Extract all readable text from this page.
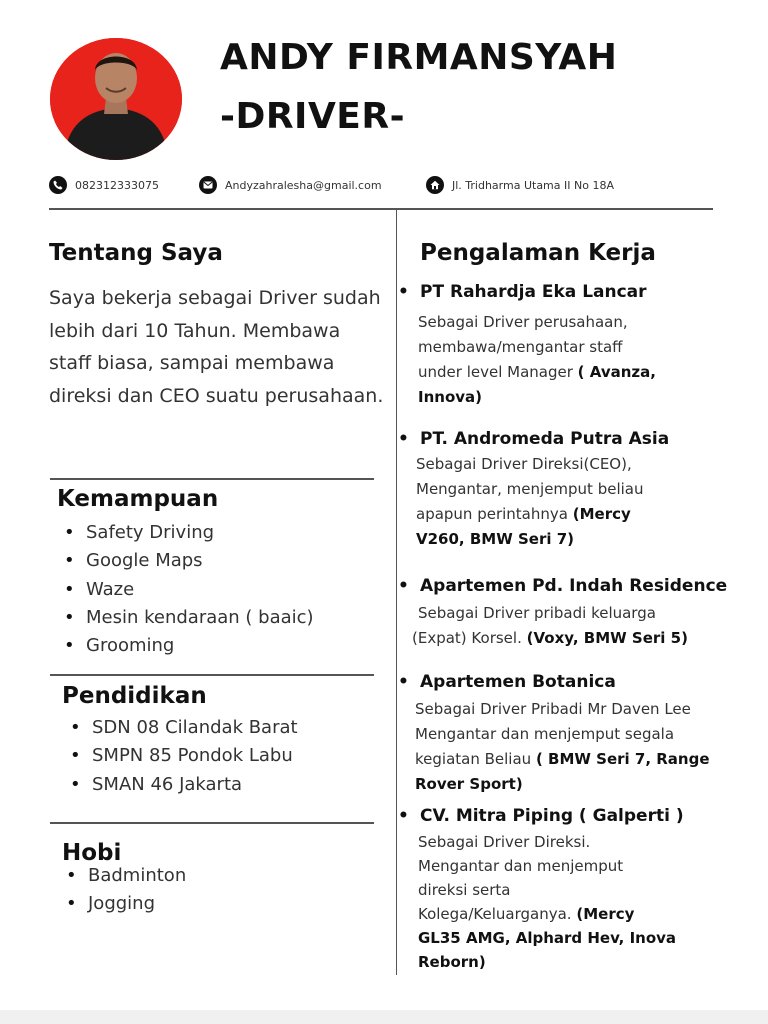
ANDY FIRMANSYAH
-DRIVER-
082312333075	Andyzahralesha@gmail.com	Jl. Tridharma Utama II No 18A
Tentang Saya
Saya bekerja sebagai Driver sudah lebih dari 10 Tahun. Membawa staff biasa, sampai membawa direksi dan CEO suatu perusahaan.
Kemampuan
• Safety Driving
• Google Maps
• Waze
• Mesin kendaraan ( baaic)
• Grooming
Pendidikan
• SDN 08 Cilandak Barat
• SMPN 85 Pondok Labu
• SMAN 46 Jakarta
Hobi
• Badminton
• Jogging
Pengalaman Kerja
• PT Rahardja Eka Lancar
Sebagai Driver perusahaan,
membawa/mengantar staff
under level Manager ( Avanza,
Innova)
• PT. Andromeda Putra Asia
Sebagai Driver Direksi(CEO),
Mengantar, menjemput beliau
apapun perintahnya (Mercy
V260, BMW Seri 7)
• Apartemen Pd. Indah Residence
Sebagai Driver pribadi keluarga
(Expat) Korsel. (Voxy, BMW Seri 5)
• Apartemen Botanica
Sebagai Driver Pribadi Mr Daven Lee
Mengantar dan menjemput segala
kegiatan Beliau ( BMW Seri 7, Range
Rover Sport)
• CV. Mitra Piping ( Galperti )
Sebagai Driver Direksi.
Mengantar dan menjemput
direksi serta
Kolega/Keluarganya. (Mercy
GL35 AMG, Alphard Hev, Inova
Reborn)
